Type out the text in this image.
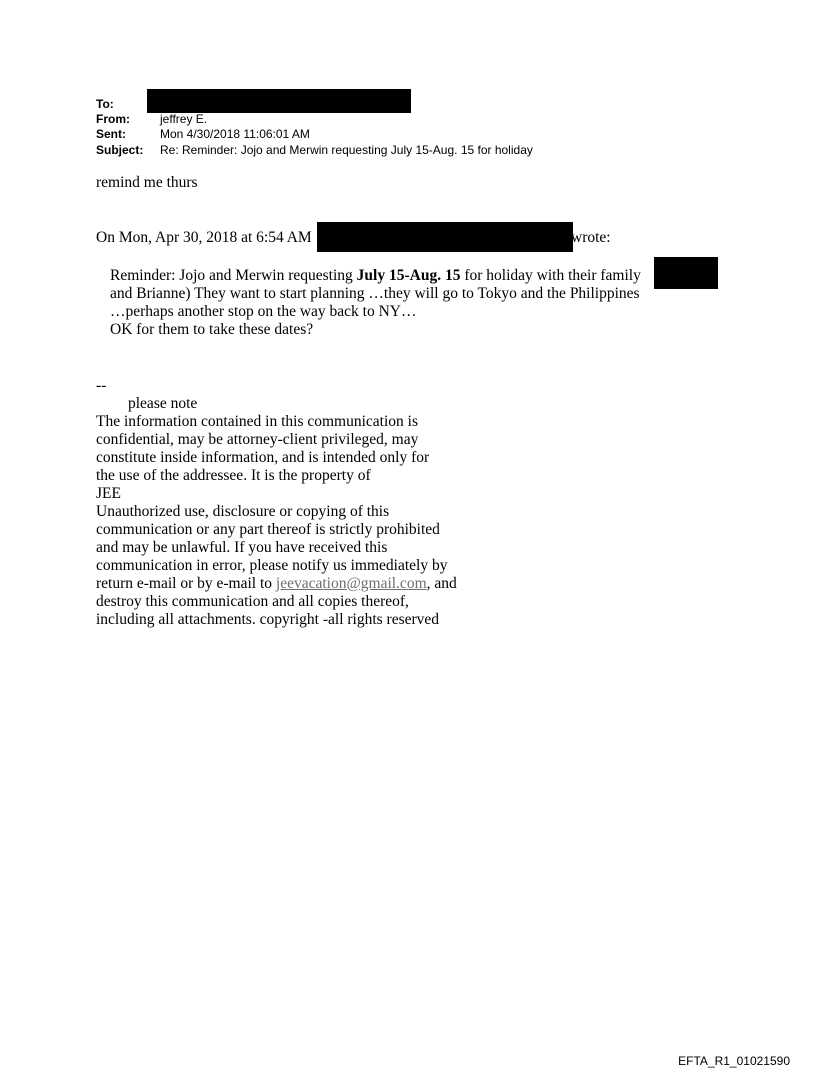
To:
From:	jeffrey E.
Sent:	Mon 4/30/2018 11:06:01 AM
Subject: Re: Reminder: Jojo and Merwin requesting July 15-Aug. 15 for holiday
remind me thurs
On Mon, Apr 30, 2018 at 6:54 AM	wrote:
Reminder: Jojo and Merwin requesting July 15-Aug. 15 for holiday with their family
and Brianne) They want to start planning …they will go to Tokyo and the Philippines
…perhaps another stop on the way back to NY…
OK for them to take these dates?
--
please note
The information contained in this communication is
confidential, may be attorney-client privileged, may
constitute inside information, and is intended only for
the use of the addressee. It is the property of
JEE
Unauthorized use, disclosure or copying of this
communication or any part thereof is strictly prohibited
and may be unlawful. If you have received this
communication in error, please notify us immediately by
return e-mail or by e-mail to jeevacation@gmail.com, and
destroy this communication and all copies thereof,
including all attachments. copyright -all rights reserved
EFTA_R1_01021590
